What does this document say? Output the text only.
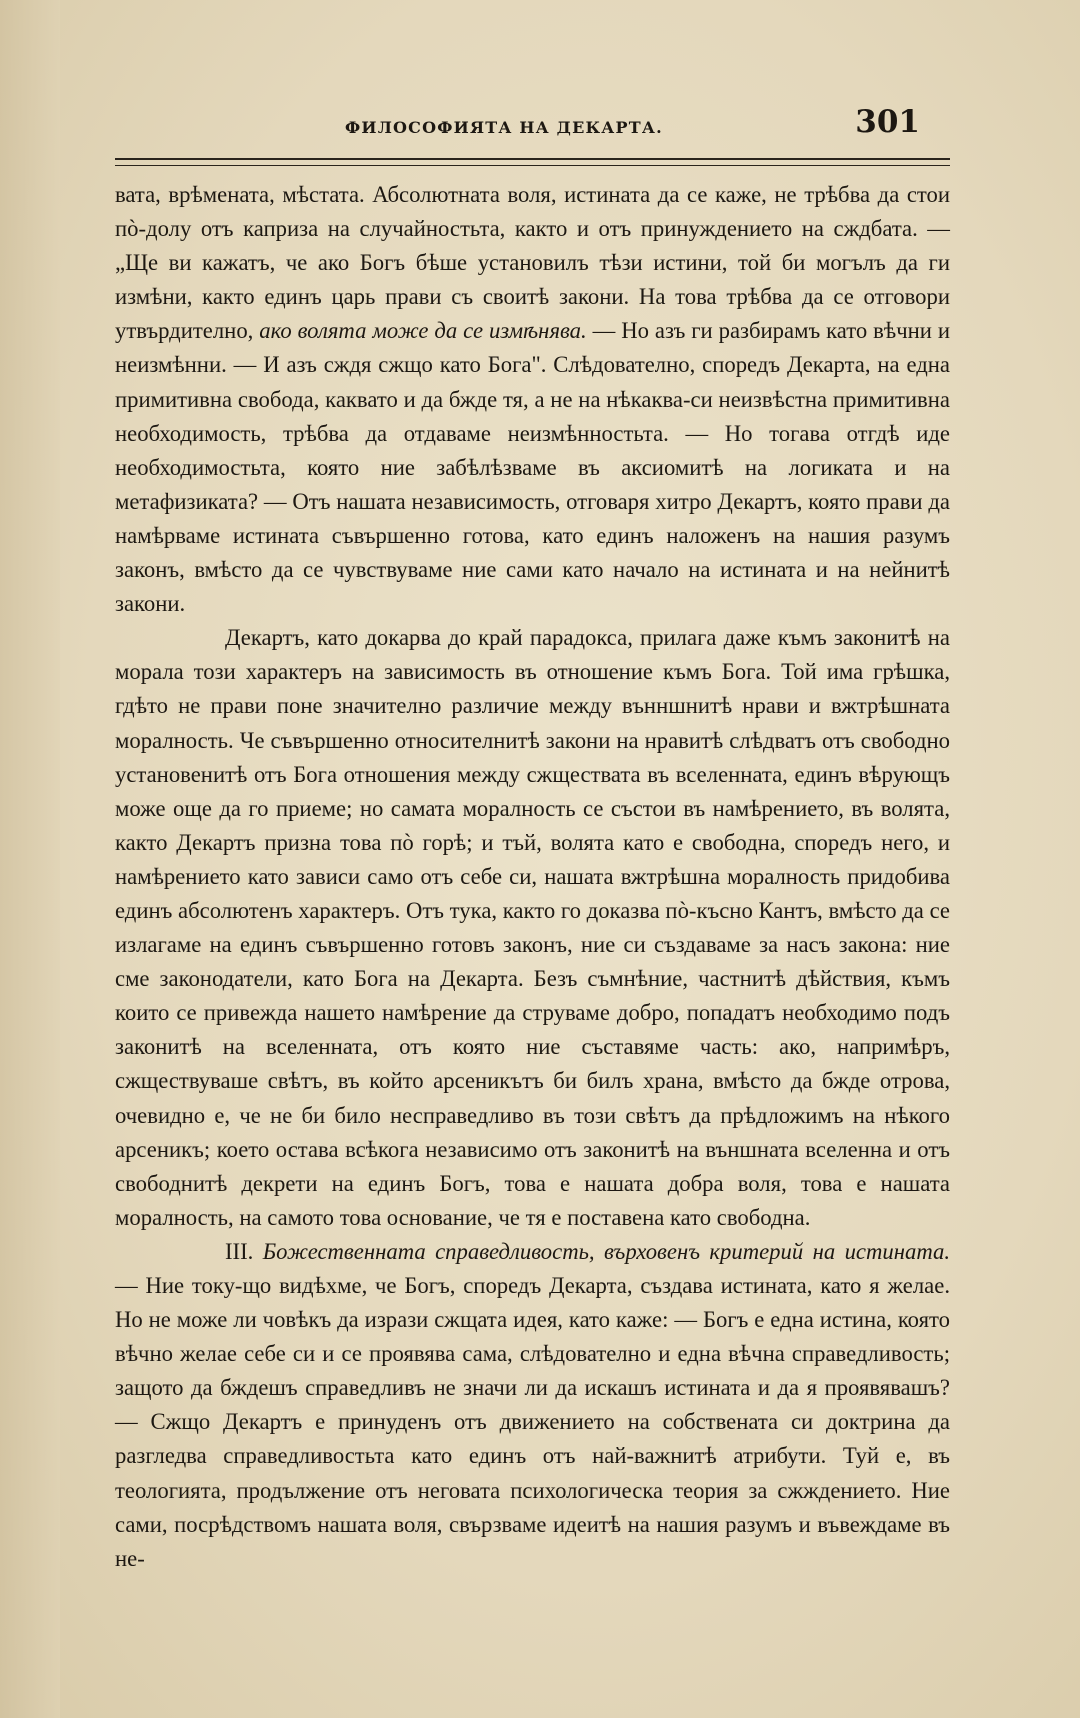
ФИЛОСОФИЯТА НА ДЕКАРТА.	301

вата, врѣмената, мѣстата. Абсолютната воля, истината да се каже, не трѣбва да стои пò-долу отъ каприза на случайностьта, както и отъ принуждението на сждбата. — „Ще ви кажатъ, че ако Богъ бѣше установилъ тѣзи истини, той би могълъ да ги измѣни, както единъ царь прави съ своитѣ закони. На това трѣбва да се отговори утвърдително, ако волята може да се измѣнява. — Но азъ ги разбирамъ като вѣчни и неизмѣнни. — И азъ сждя сжщо като Бога". Слѣдователно, споредъ Декарта, на една примитивна свобода, каквато и да бжде тя, а не на нѣкаква-си неизвѣстна примитивна необходимость, трѣбва да отдаваме неизмѣнностьта. — Но тогава отгдѣ иде необходимостьта, която ние забѣлѣзваме въ аксиомитѣ на логиката и на метафизиката? — Отъ нашата независимость, отговаря хитро Декартъ, която прави да намѣрваме истината съвършенно готова, като единъ наложенъ на нашия разумъ законъ, вмѣсто да се чувствуваме ние сами като начало на истината и на нейнитѣ закони.

Декартъ, като докарва до край парадокса, прилага даже къмъ законитѣ на морала този характеръ на зависимость въ отношение къмъ Бога. Той има грѣшка, гдѣто не прави поне значително различие между вънншнитѣ нрави и вжтрѣшната моралность. Че съвършенно относителнитѣ закони на нравитѣ слѣдватъ отъ свободно установенитѣ отъ Бога отношения между сжществата въ вселенната, единъ вѣрующъ може още да го приеме; но самата моралность се състои въ намѣрението, въ волята, както Декартъ призна това пò горѣ; и тъй, волята като е свободна, споредъ него, и намѣрението като зависи само отъ себе си, нашата вжтрѣшна моралность придобива единъ абсолютенъ характеръ. Отъ тука, както го доказва пò-късно Кантъ, вмѣсто да се излагаме на единъ съвършенно готовъ законъ, ние си създаваме за насъ закона: ние сме законодатели, като Бога на Декарта. Безъ съмнѣние, частнитѣ дѣйствия, къмъ които се привежда нашето намѣрение да струваме добро, попадатъ необходимо подъ законитѣ на вселенната, отъ която ние съставяме часть: ако, напримѣръ, сжществуваше свѣтъ, въ който арсеникътъ би билъ храна, вмѣсто да бжде отрова, очевидно е, че не би било несправедливо въ този свѣтъ да прѣдложимъ на нѣкого арсеникъ; което остава всѣкога независимо отъ законитѣ на външната вселенна и отъ свободнитѣ декрети на единъ Богъ, това е нашата добра воля, това е нашата моралность, на самото това основание, че тя е поставена като свободна.

III. Божественната справедливость, върховенъ критерий на истината. — Ние току-що видѣхме, че Богъ, споредъ Декарта, създава истината, като я желае. Но не може ли човѣкъ да изрази сжщата идея, като каже: — Богъ е една истина, която вѣчно желае себе си и се проявява сама, слѣдователно и една вѣчна справедливость; защото да бждешъ справедливъ не значи ли да искашъ истината и да я проявявашъ? — Сжщо Декартъ е принуденъ отъ движението на собствената си доктрина да разгледва справедливостьта като единъ отъ най-важнитѣ атрибути. Туй е, въ теологията, продължение отъ неговата психологическа теория за сжждението. Ние сами, посрѣдствомъ нашата воля, свързваме идеитѣ на нашия разумъ и въвеждаме въ не-
